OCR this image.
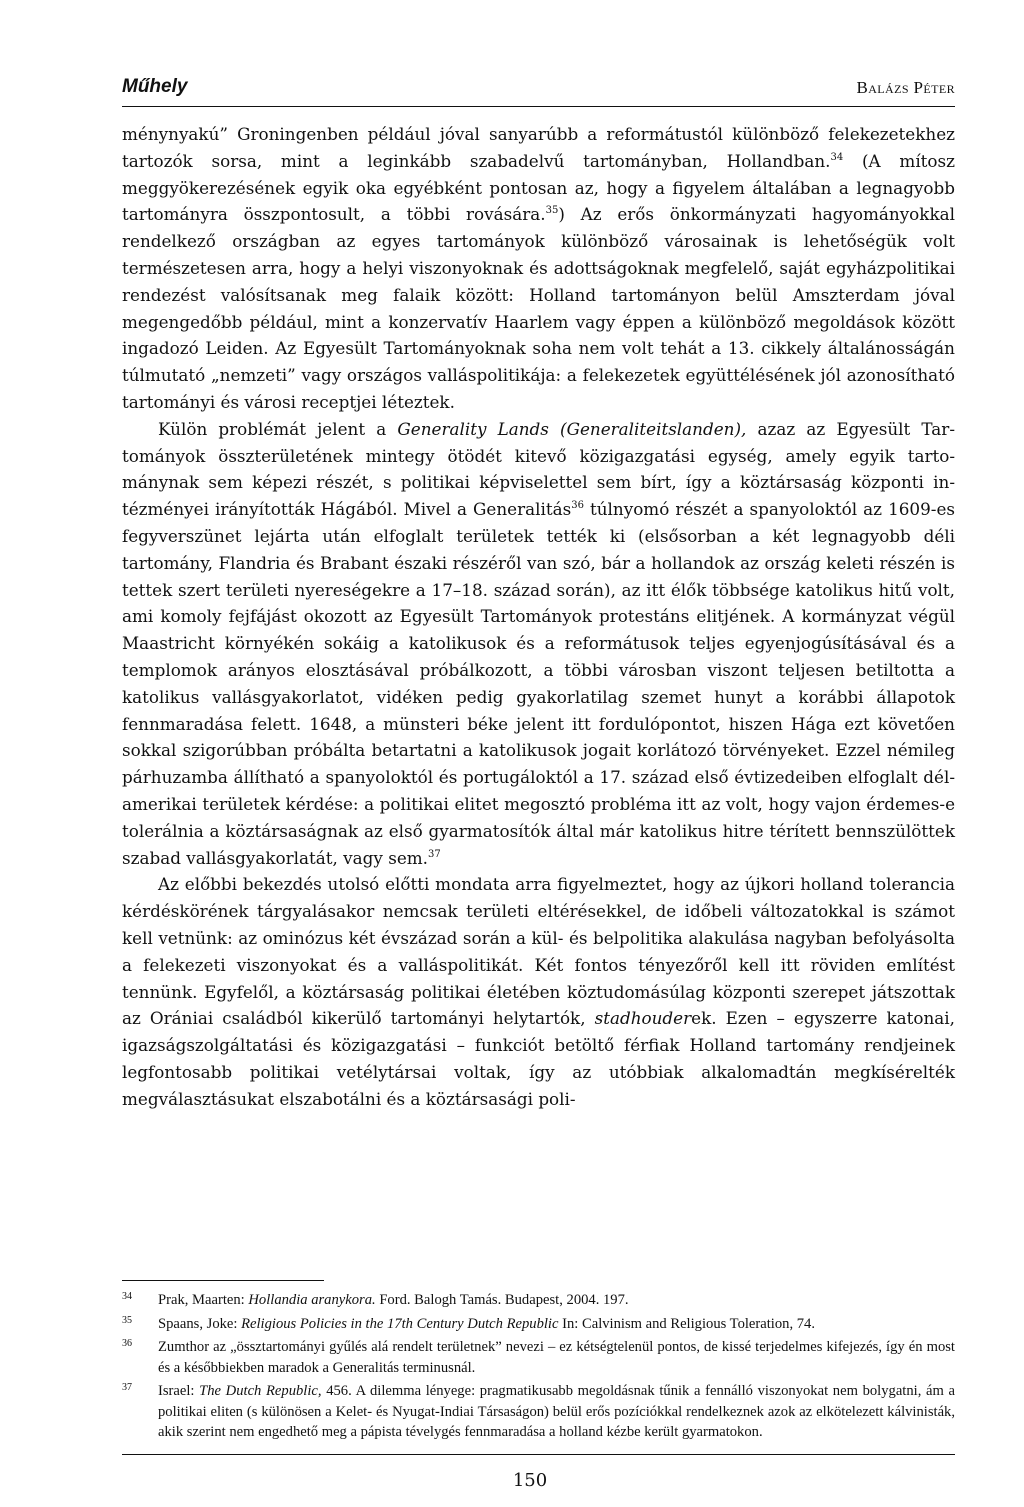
Műhely	Balázs Péter

ménynyakú” Groningenben például jóval sanyarúbb a reformátustól különböző felekezetekhez tartozók sorsa, mint a leginkább szabadelvű tartományban, Hollandban.$^{34}$ (A mítosz meggyökerezésének egyik oka egyébként pontosan az, hogy a figyelem általában a legnagyobb tartományra összpontosult, a többi rovására.$^{35}$) Az erős önkormányzati hagyományokkal rendelkező országban az egyes tartományok különböző városainak is lehetőségük volt természetesen arra, hogy a helyi viszonyoknak és adottságoknak megfelelő, saját egyházpolitikai rendezést valósítsanak meg falaik között: Holland tartományon belül Amszterdam jóval megengedőbb például, mint a konzervatív Haarlem vagy éppen a különböző megoldások között ingadozó Leiden. Az Egyesült Tartományoknak soha nem volt tehát a 13. cikkely általánosságán túlmutató „nemzeti” vagy országos valláspolitikája: a felekezetek együttélésének jól azonosítható tartományi és városi receptjei léteztek.

Külön problémát jelent a Generality Lands (Generaliteitslanden), azaz az Egyesült Tartományok összterületének mintegy ötödét kitevő közigazgatási egység, amely egyik tartománynak sem képezi részét, s politikai képviselettel sem bírt, így a köztársaság központi intézményei irányították Hágából. Mivel a Generalitás$^{36}$ túlnyomó részét a spanyoloktól az 1609-es fegyverszünet lejárta után elfoglalt területek tették ki (elsősorban a két legnagyobb déli tartomány, Flandria és Brabant északi részéről van szó, bár a hollandok az ország keleti részén is tettek szert területi nyereségekre a 17–18. század során), az itt élők többsége katolikus hitű volt, ami komoly fejfájást okozott az Egyesült Tartományok protestáns elitjének. A kormányzat végül Maastricht környékén sokáig a katolikusok és a reformátusok teljes egyenjogúsításával és a templomok arányos elosztásával próbálkozott, a többi városban viszont teljesen betiltotta a katolikus vallásgyakorlatot, vidéken pedig gyakorlatilag szemet hunyt a korábbi állapotok fennmaradása felett. 1648, a münsteri béke jelent itt fordulópontot, hiszen Hága ezt követően sokkal szigorúbban próbálta betartatni a katolikusok jogait korlátozó törvényeket. Ezzel némileg párhuzamba állítható a spanyoloktól és portugáloktól a 17. század első évtizedeiben elfoglalt dél-amerikai területek kérdése: a politikai elitet megosztó probléma itt az volt, hogy vajon érdemes-e tolerálnia a köztársaságnak az első gyarmatosítók által már katolikus hitre térített bennszülöttek szabad vallásgyakorlatát, vagy sem.$^{37}$

Az előbbi bekezdés utolsó előtti mondata arra figyelmeztet, hogy az újkori holland tolerancia kérdéskörének tárgyalásakor nemcsak területi eltérésekkel, de időbeli változatokkal is számot kell vetnünk: az ominózus két évszázad során a kül- és belpolitika alakulása nagyban befolyásolta a felekezeti viszonyokat és a valláspolitikát. Két fontos tényezőről kell itt röviden említést tennünk. Egyfelől, a köztársaság politikai életében köztudomásúlag központi szerepet játszottak az Orániai családból kikerülő tartományi helytartók, stadhouderek. Ezen – egyszerre katonai, igazságszolgáltatási és közigazgatási – funkciót betöltő férfiak Holland tartomány rendjeinek legfontosabb politikai vetélytársai voltak, így az utóbbiak alkalomadtán megkísérelték megválasztásukat elszabotálni és a köztársasági poli-

34 Prak, Maarten: Hollandia aranykora. Ford. Balogh Tamás. Budapest, 2004. 197.
35 Spaans, Joke: Religious Policies in the 17th Century Dutch Republic In: Calvinism and Religious Toleration, 74.
36 Zumthor az „össztartományi gyűlés alá rendelt területnek” nevezi – ez kétségtelenül pontos, de kissé terjedelmes kifejezés, így én most és a későbbiekben maradok a Generalitás terminusnál.
37 Israel: The Dutch Republic, 456. A dilemma lényege: pragmatikusabb megoldásnak tűnik a fennálló viszonyokat nem bolygatni, ám a politikai eliten (s különösen a Kelet- és Nyugat-Indiai Társaságon) belül erős pozíciókkal rendelkeznek azok az elkötelezett kálvinisták, akik szerint nem engedhető meg a pápista tévelygés fennmaradása a holland kézbe került gyarmatokon.
150
